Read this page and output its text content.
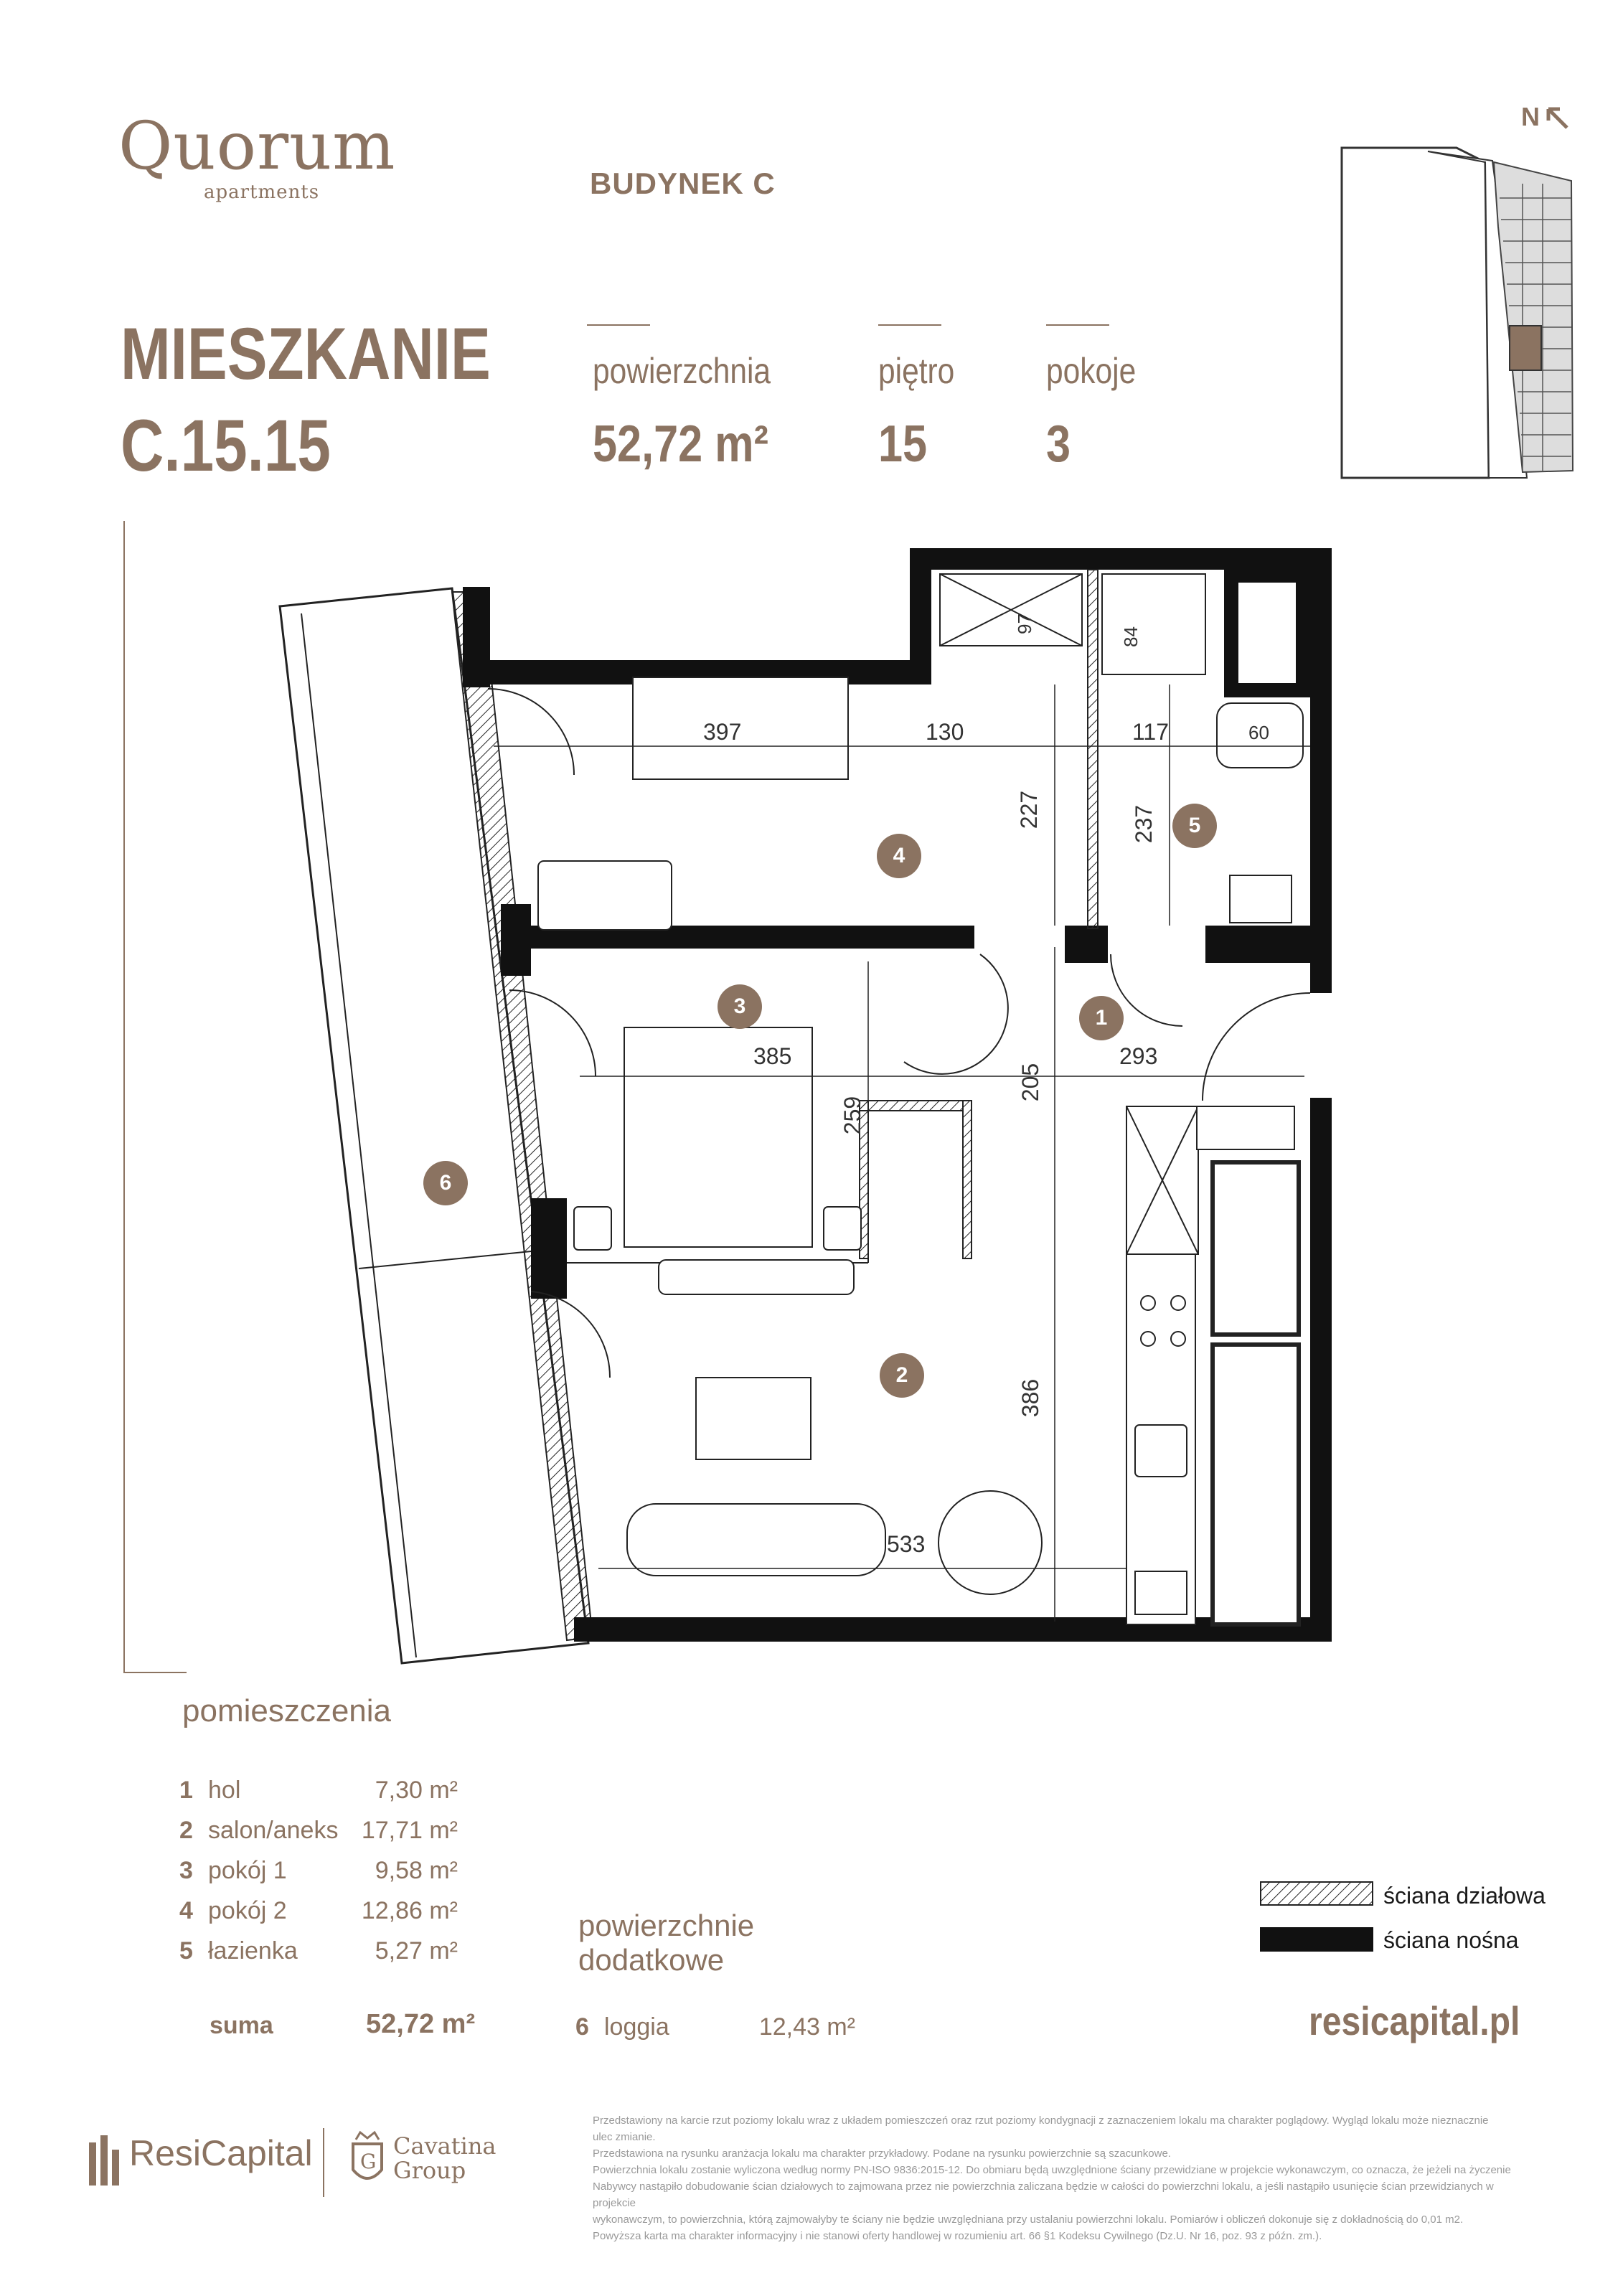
Quorum
apartments	BUDYNEK C
MIESZKANIE
C.15.15
powierzchnia
52,72 m²
piętro
15
pokoje
3
N
397	130	117
227	237
385
259
205
293
386
533
97
84
60
1
2
3
4
5
6
pomieszczenia
1 hol	7,30 m²
2 salon/aneks 17,71 m²
3 pokój 1	9,58 m²
4 pokój 2	12,86 m²
5 łazienka	5,27 m²
suma	52,72 m²
powierzchnie
dodatkowe
6 loggia	12,43 m²
ściana działowa
ściana nośna
resicapital.pl
ResiCapital G
Cavatina
Group
Przedstawiony na karcie rzut poziomy lokalu wraz z układem pomieszczeń oraz rzut poziomy kondygnacji z zaznaczeniem lokalu ma charakter poglądowy. Wygląd lokalu może nieznacznie ulec zmianie.
Przedstawiona na rysunku aranżacja lokalu ma charakter przykładowy. Podane na rysunku powierzchnie są szacunkowe.
Powierzchnia lokalu zostanie wyliczona według normy PN-ISO 9836:2015-12. Do obmiaru będą uwzględnione ściany przewidziane w projekcie wykonawczym, co oznacza, że jeżeli na życzenie
Nabywcy nastąpiło dobudowanie ścian działowych to zajmowana przez nie powierzchnia zaliczana będzie w całości do powierzchni lokalu, a jeśli nastąpiło usunięcie ścian przewidzianych w projekcie
wykonawczym, to powierzchnia, którą zajmowałyby te ściany nie będzie uwzględniana przy ustalaniu powierzchni lokalu. Pomiarów i obliczeń dokonuje się z dokładnością do 0,01 m2.
Powyższa karta ma charakter informacyjny i nie stanowi oferty handlowej w rozumieniu art. 66 §1 Kodeksu Cywilnego (Dz.U. Nr 16, poz. 93 z późn. zm.).
